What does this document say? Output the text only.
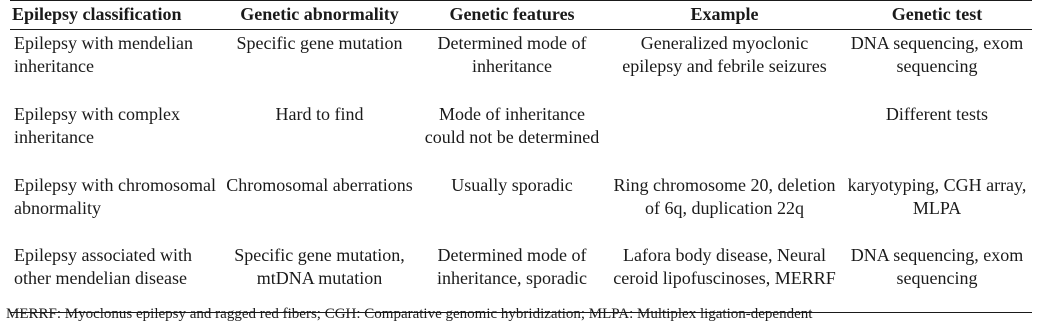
Epilepsy classification	Genetic abnormality	Genetic features	Example	Genetic test
Epilepsy with mendelian inheritance	Specific gene mutation	Determined mode of inheritance	Generalized myoclonic epilepsy and febrile seizures	DNA sequencing, exom sequencing
Epilepsy with complex inheritance	Hard to find	Mode of inheritance could not be determined		Different tests
Epilepsy with chromosomal abnormality	Chromosomal aberrations	Usually sporadic	Ring chromosome 20, deletion of 6q, duplication 22q	karyotyping, CGH array, MLPA
Epilepsy associated with other mendelian disease	Specific gene mutation, mtDNA mutation	Determined mode of inheritance, sporadic	Lafora body disease, Neural ceroid lipofuscinoses, MERRF	DNA sequencing, exom sequencing
MERRF: Myoclonus epilepsy and ragged red fibers; CGH: Comparative genomic hybridization; MLPA: Multiplex ligation-dependent
